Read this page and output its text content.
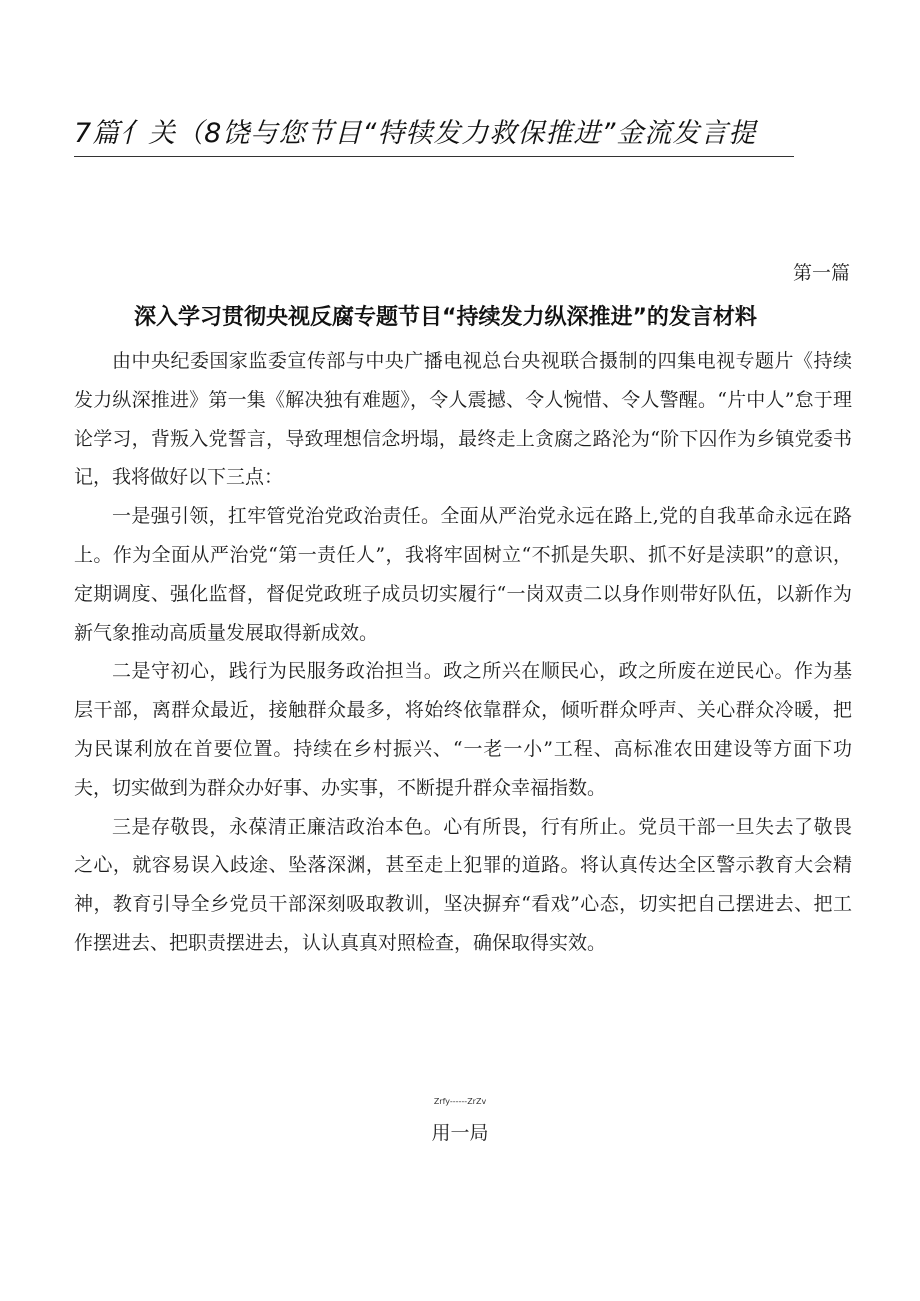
7篇亻关（8饶与您节目“特犊发力救保推进”金流发言提
第一篇
深入学习贯彻央视反腐专题节目“持续发力纵深推进”的发言材料

由中央纪委国家监委宣传部与中央广播电视总台央视联合摄制的四集电视专题片《持续发力纵深推进》第一集《解决独有难题》，令人震撼、令人惋惜、令人警醒。“片中人”怠于理论学习，背叛入党誓言，导致理想信念坍塌，最终走上贪腐之路沦为“阶下囚作为乡镇党委书记，我将做好以下三点：

一是强引领，扛牢管党治党政治责任。全面从严治党永远在路上,党的自我革命永远在路上。作为全面从严治党“第一责任人”，我将牢固树立“不抓是失职、抓不好是渎职”的意识，定期调度、强化监督，督促党政班子成员切实履行“一岗双责二以身作则带好队伍，以新作为新气象推动高质量发展取得新成效。

二是守初心，践行为民服务政治担当。政之所兴在顺民心，政之所废在逆民心。作为基层干部，离群众最近，接触群众最多，将始终依靠群众，倾听群众呼声、关心群众冷暖，把为民谋利放在首要位置。持续在乡村振兴、“一老一小”工程、高标准农田建设等方面下功夫，切实做到为群众办好事、办实事，不断提升群众幸福指数。

三是存敬畏，永葆清正廉洁政治本色。心有所畏，行有所止。党员干部一旦失去了敬畏之心，就容易误入歧途、坠落深渊，甚至走上犯罪的道路。将认真传达全区警示教育大会精神，教育引导全乡党员干部深刻吸取教训，坚决摒弃“看戏”心态，切实把自己摆进去、把工作摆进去、把职责摆进去，认认真真对照检查，确保取得实效。

Zrfy------ZrZv
用一局
